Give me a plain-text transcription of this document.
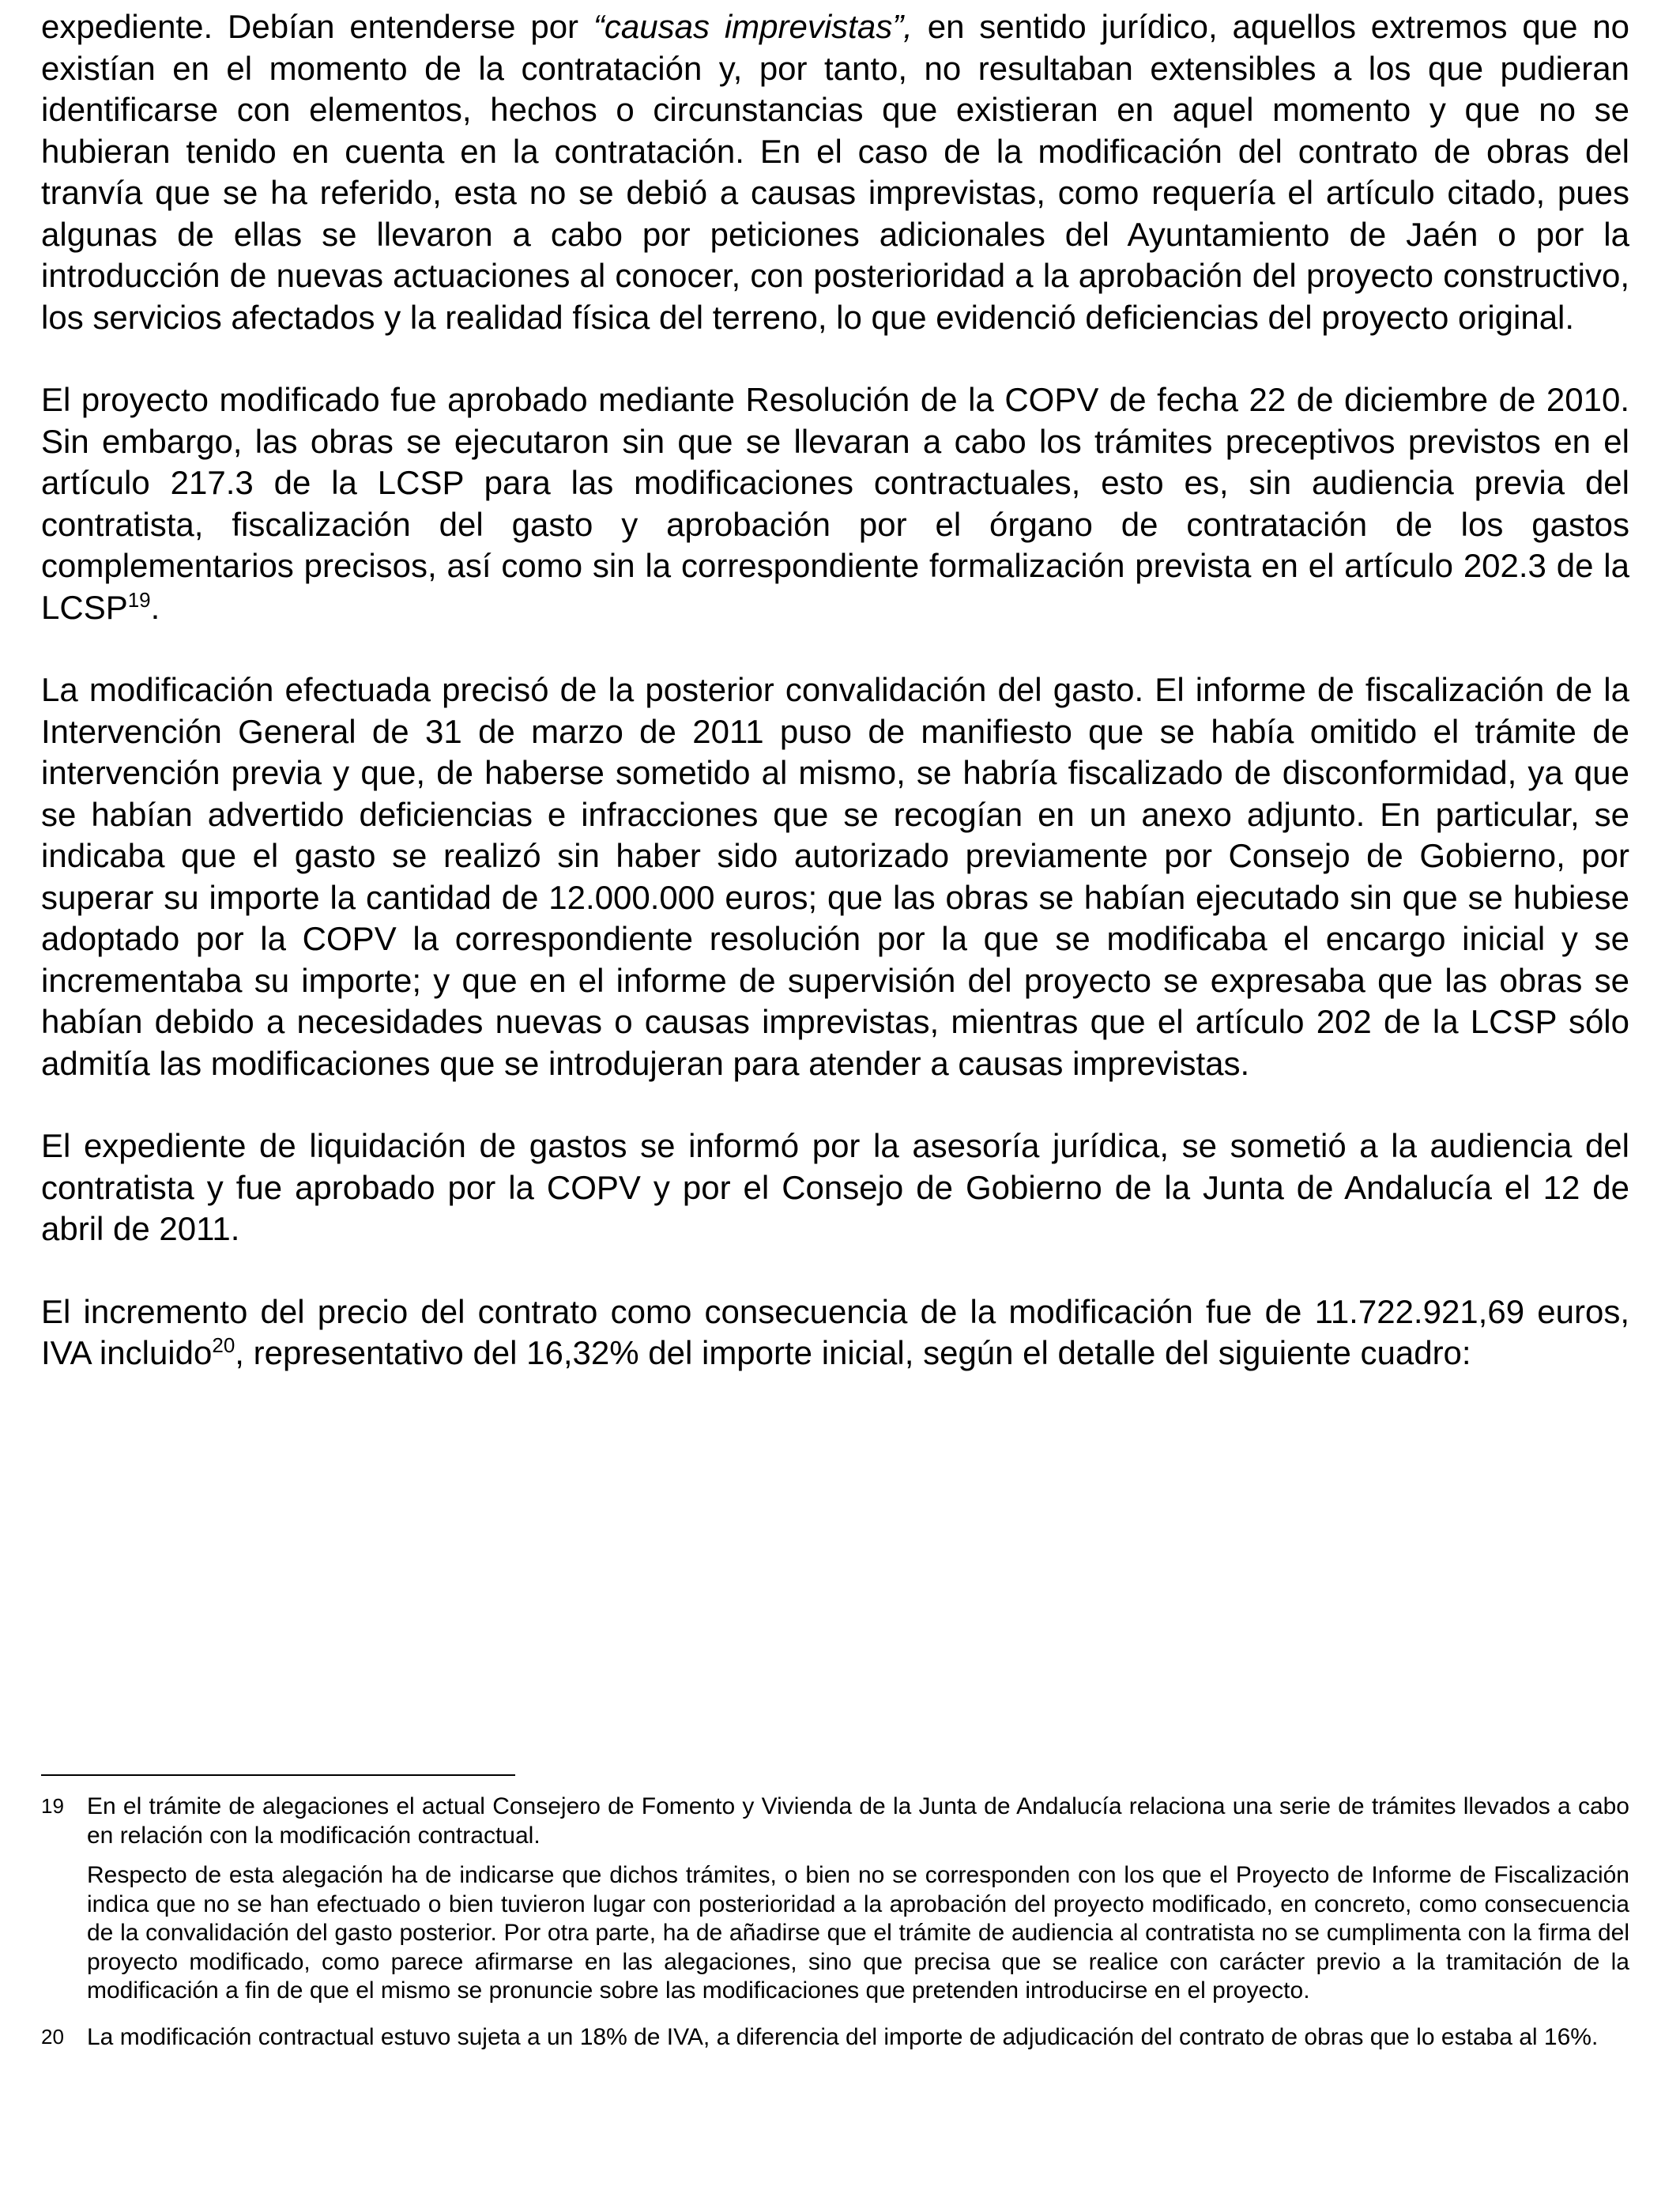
expediente. Debían entenderse por “causas imprevistas”, en sentido jurídico, aquellos extremos que no existían en el momento de la contratación y, por tanto, no resultaban extensibles a los que pudieran identificarse con elementos, hechos o circunstancias que existieran en aquel momento y que no se hubieran tenido en cuenta en la contratación. En el caso de la modificación del contrato de obras del tranvía que se ha referido, esta no se debió a causas imprevistas, como requería el artículo citado, pues algunas de ellas se llevaron a cabo por peticiones adicionales del Ayuntamiento de Jaén o por la introducción de nuevas actuaciones al conocer, con posterioridad a la aprobación del proyecto constructivo, los servicios afectados y la realidad física del terreno, lo que evidenció deficiencias del proyecto original.

El proyecto modificado fue aprobado mediante Resolución de la COPV de fecha 22 de diciembre de 2010. Sin embargo, las obras se ejecutaron sin que se llevaran a cabo los trámites preceptivos previstos en el artículo 217.3 de la LCSP para las modificaciones contractuales, esto es, sin audiencia previa del contratista, fiscalización del gasto y aprobación por el órgano de contratación de los gastos complementarios precisos, así como sin la correspondiente formalización prevista en el artículo 202.3 de la LCSP$^{19}$.

La modificación efectuada precisó de la posterior convalidación del gasto. El informe de fiscalización de la Intervención General de 31 de marzo de 2011 puso de manifiesto que se había omitido el trámite de intervención previa y que, de haberse sometido al mismo, se habría fiscalizado de disconformidad, ya que se habían advertido deficiencias e infracciones que se recogían en un anexo adjunto. En particular, se indicaba que el gasto se realizó sin haber sido autorizado previamente por Consejo de Gobierno, por superar su importe la cantidad de 12.000.000 euros; que las obras se habían ejecutado sin que se hubiese adoptado por la COPV la correspondiente resolución por la que se modificaba el encargo inicial y se incrementaba su importe; y que en el informe de supervisión del proyecto se expresaba que las obras se habían debido a necesidades nuevas o causas imprevistas, mientras que el artículo 202 de la LCSP sólo admitía las modificaciones que se introdujeran para atender a causas imprevistas.

El expediente de liquidación de gastos se informó por la asesoría jurídica, se sometió a la audiencia del contratista y fue aprobado por la COPV y por el Consejo de Gobierno de la Junta de Andalucía el 12 de abril de 2011.

El incremento del precio del contrato como consecuencia de la modificación fue de 11.722.921,69 euros, IVA incluido$^{20}$, representativo del 16,32% del importe inicial, según el detalle del siguiente cuadro:

19 En el trámite de alegaciones el actual Consejero de Fomento y Vivienda de la Junta de Andalucía relaciona una serie de trámites llevados a cabo en relación con la modificación contractual.

Respecto de esta alegación ha de indicarse que dichos trámites, o bien no se corresponden con los que el Proyecto de Informe de Fiscalización indica que no se han efectuado o bien tuvieron lugar con posterioridad a la aprobación del proyecto modificado, en concreto, como consecuencia de la convalidación del gasto posterior. Por otra parte, ha de añadirse que el trámite de audiencia al contratista no se cumplimenta con la firma del proyecto modificado, como parece afirmarse en las alegaciones, sino que precisa que se realice con carácter previo a la tramitación de la modificación a fin de que el mismo se pronuncie sobre las modificaciones que pretenden introducirse en el proyecto.

20 La modificación contractual estuvo sujeta a un 18% de IVA, a diferencia del importe de adjudicación del contrato de obras que lo estaba al 16%.
